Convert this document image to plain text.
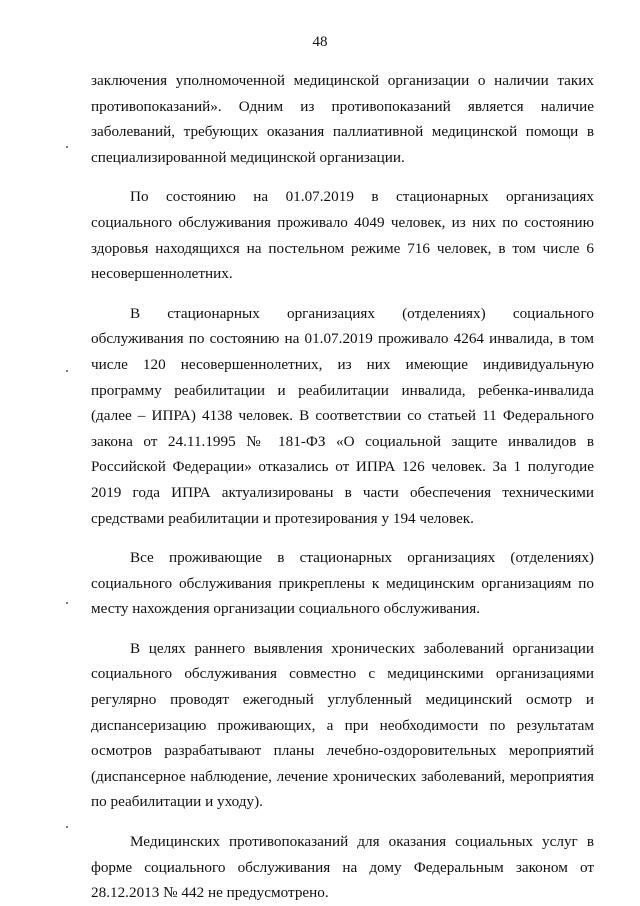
48

заключения уполномоченной медицинской организации о наличии таких противопоказаний». Одним из противопоказаний является наличие заболеваний, требующих оказания паллиативной медицинской помощи в специализированной медицинской организации.

По состоянию на 01.07.2019 в стационарных организациях социального обслуживания проживало 4049 человек, из них по состоянию здоровья находящихся на постельном режиме 716 человек, в том числе 6 несовершеннолетних.

В стационарных организациях (отделениях) социального обслуживания по состоянию на 01.07.2019 проживало 4264 инвалида, в том числе 120 несовершеннолетних, из них имеющие индивидуальную программу реабилитации и реабилитации инвалида, ребенка-инвалида (далее – ИПРА) 4138 человек. В соответствии со статьей 11 Федерального закона от 24.11.1995 № 181-ФЗ «О социальной защите инвалидов в Российской Федерации» отказались от ИПРА 126 человек. За 1 полугодие 2019 года ИПРА актуализированы в части обеспечения техническими средствами реабилитации и протезирования у 194 человек.

Все проживающие в стационарных организациях (отделениях) социального обслуживания прикреплены к медицинским организациям по месту нахождения организации социального обслуживания.

В целях раннего выявления хронических заболеваний организации социального обслуживания совместно с медицинскими организациями регулярно проводят ежегодный углубленный медицинский осмотр и диспансеризацию проживающих, а при необходимости по результатам осмотров разрабатывают планы лечебно-оздоровительных мероприятий (диспансерное наблюдение, лечение хронических заболеваний, мероприятия по реабилитации и уходу).

Медицинских противопоказаний для оказания социальных услуг в форме социального обслуживания на дому Федеральным законом от 28.12.2013 № 442 не предусмотрено.
